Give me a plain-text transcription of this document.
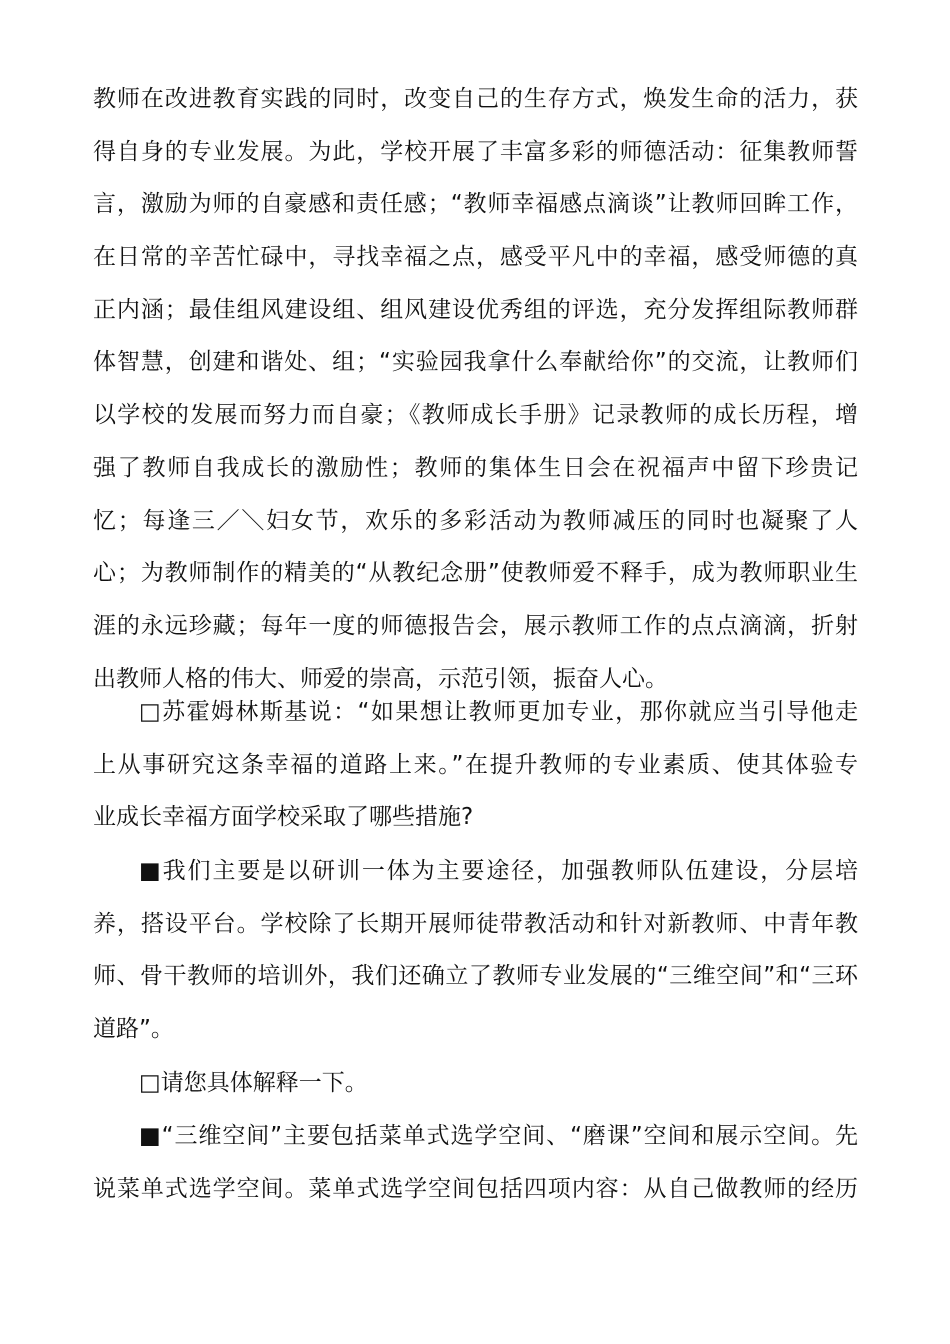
教师在改进教育实践的同时，改变自己的生存方式，焕发生命的活力，获
得自身的专业发展。为此，学校开展了丰富多彩的师德活动：征集教师誓
言，激励为师的自豪感和责任感；“教师幸福感点滴谈”让教师回眸工作，
在日常的辛苦忙碌中，寻找幸福之点，感受平凡中的幸福，感受师德的真
正内涵；最佳组风建设组、组风建设优秀组的评选，充分发挥组际教师群
体智慧，创建和谐处、组；“实验园我拿什么奉献给你”的交流，让教师们
以学校的发展而努力而自豪；《教师成长手册》记录教师的成长历程，增
强了教师自我成长的激励性；教师的集体生日会在祝福声中留下珍贵记
忆；每逢三／＼妇女节，欢乐的多彩活动为教师减压的同时也凝聚了人
心；为教师制作的精美的“从教纪念册”使教师爱不释手，成为教师职业生
涯的永远珍藏；每年一度的师德报告会，展示教师工作的点点滴滴，折射
出教师人格的伟大、师爱的崇高，示范引领，振奋人心。
□苏霍姆林斯基说：“如果想让教师更加专业，那你就应当引导他走
上从事研究这条幸福的道路上来。”在提升教师的专业素质、使其体验专
业成长幸福方面学校采取了哪些措施?
■我们主要是以研训一体为主要途径，加强教师队伍建设，分层培
养，搭设平台。学校除了长期开展师徒带教活动和针对新教师、中青年教
师、骨干教师的培训外，我们还确立了教师专业发展的“三维空间”和“三环
道路”。
□请您具体解释一下。
■“三维空间”主要包括菜单式选学空间、“磨课”空间和展示空间。先
说菜单式选学空间。菜单式选学空间包括四项内容：从自己做教师的经历
